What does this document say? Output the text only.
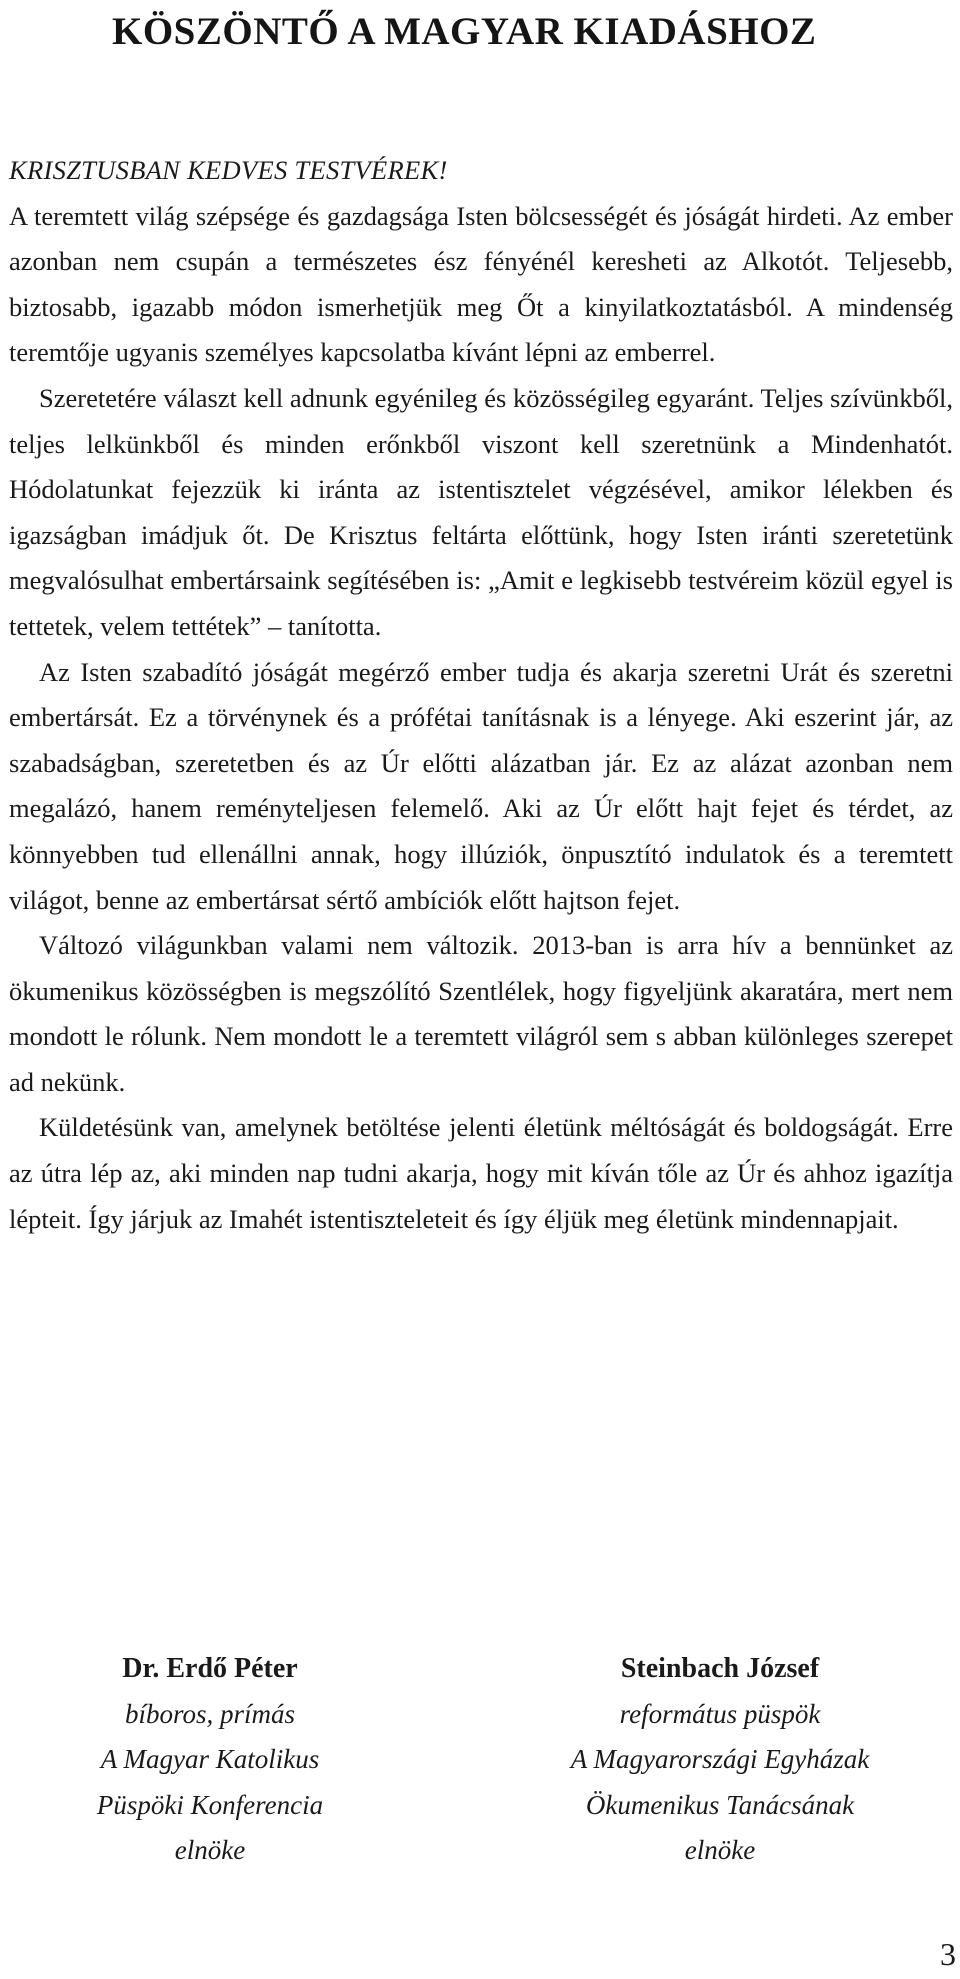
KÖSZÖNTŐ A MAGYAR KIADÁSHOZ

KRISZTUSBAN KEDVES TESTVÉREK!

A teremtett világ szépsége és gazdagsága Isten bölcsességét és jóságát hirdeti. Az ember azonban nem csupán a természetes ész fényénél keresheti az Alkotót. Teljesebb, biztosabb, igazabb módon ismerhetjük meg Őt a kinyilatkoztatásból. A mindenség teremtője ugyanis személyes kapcsolatba kívánt lépni az emberrel.

Szeretetére választ kell adnunk egyénileg és közösségileg egyaránt. Teljes szívünkből, teljes lelkünkből és minden erőnkből viszont kell szeretnünk a Mindenhatót. Hódolatunkat fejezzük ki iránta az istentisztelet végzésével, amikor lélekben és igazságban imádjuk őt. De Krisztus feltárta előttünk, hogy Isten iránti szeretetünk megvalósulhat embertársaink segítésében is: „Amit e legkisebb testvéreim közül egyel is tettetek, velem tettétek” – tanította.

Az Isten szabadító jóságát megérző ember tudja és akarja szeretni Urát és szeretni embertársát. Ez a törvénynek és a prófétai tanításnak is a lényege. Aki eszerint jár, az szabadságban, szeretetben és az Úr előtti alázatban jár. Ez az alázat azonban nem megalázó, hanem reményteljesen felemelő. Aki az Úr előtt hajt fejet és térdet, az könnyebben tud ellenállni annak, hogy illúziók, önpusztító indulatok és a teremtett világot, benne az embertársat sértő ambíciók előtt hajtson fejet.

Változó világunkban valami nem változik. 2013-ban is arra hív a bennünket az ökumenikus közösségben is megszólító Szentlélek, hogy figyeljünk akaratára, mert nem mondott le rólunk. Nem mondott le a teremtett világról sem s abban különleges szerepet ad nekünk.

Küldetésünk van, amelynek betöltése jelenti életünk méltóságát és boldogságát. Erre az útra lép az, aki minden nap tudni akarja, hogy mit kíván tőle az Úr és ahhoz igazítja lépteit. Így járjuk az Imahét istentiszteleteit és így éljük meg életünk mindennapjait.

Dr. Erdő Péter
bíboros, prímás
A Magyar Katolikus
Püspöki Konferencia
elnöke
Steinbach József
református püspök
A Magyarországi Egyházak
Ökumenikus Tanácsának
elnöke
3
